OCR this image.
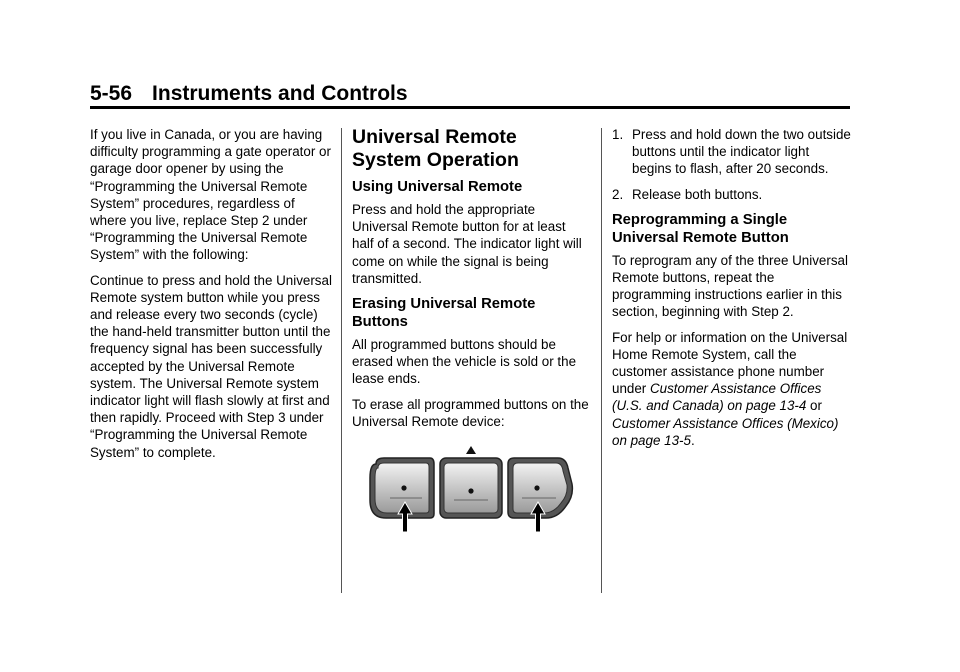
5-56 Instruments and Controls

If you live in Canada, or you are having difficulty programming a gate operator or garage door opener by using the “Programming the Universal Remote System” procedures, regardless of where you live, replace Step 2 under “Programming the Universal Remote System” with the following:

Continue to press and hold the Universal Remote system button while you press and release every two seconds (cycle) the hand-held transmitter button until the frequency signal has been successfully accepted by the Universal Remote system. The Universal Remote system indicator light will flash slowly at first and then rapidly. Proceed with Step 3 under “Programming the Universal Remote System” to complete.

Universal Remote System Operation
Using Universal Remote

Press and hold the appropriate Universal Remote button for at least half of a second. The indicator light will come on while the signal is being transmitted.

Erasing Universal Remote Buttons

All programmed buttons should be erased when the vehicle is sold or the lease ends.

To erase all programmed buttons on the Universal Remote device:

1. Press and hold down the two outside buttons until the indicator light begins to flash, after 20 seconds.
2. Release both buttons.
Reprogramming a Single Universal Remote Button

To reprogram any of the three Universal Remote buttons, repeat the programming instructions earlier in this section, beginning with Step 2.

For help or information on the Universal Home Remote System, call the customer assistance phone number under Customer Assistance Offices (U.S. and Canada) on page 13-4 or Customer Assistance Offices (Mexico) on page 13-5.
